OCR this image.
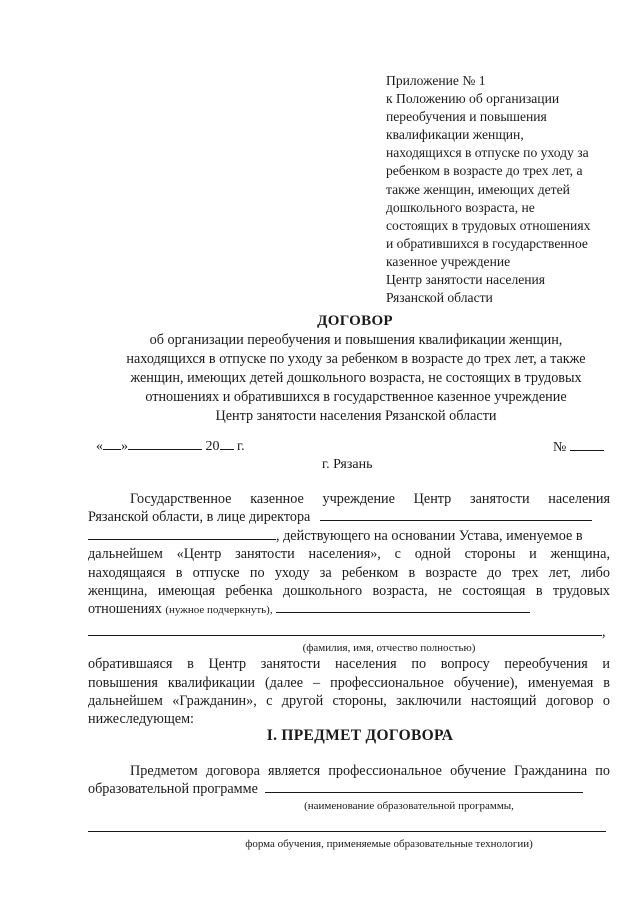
Приложение № 1
к Положению об организации
переобучения и повышения
квалификации женщин,
находящихся в отпуске по уходу за
ребенком в возрасте до трех лет, а
также женщин, имеющих детей
дошкольного возраста, не
состоящих в трудовых отношениях
и обратившихся в государственное
казенное учреждение
Центр занятости населения
Рязанской области
ДОГОВОР
об организации переобучения и повышения квалификации женщин,
находящихся в отпуске по уходу за ребенком в возрасте до трех лет, а также
женщин, имеющих детей дошкольного возраста, не состоящих в трудовых
отношениях и обратившихся в государственное казенное учреждение
Центр занятости населения Рязанской области
« »	20 г.	№
г. Рязань
Государственное казенное учреждение Центр занятости населения
Рязанской области, в лице директора
, действующего на основании Устава, именуемое в
дальнейшем «Центр занятости населения», с одной стороны и женщина,
находящаяся в отпуске по уходу за ребенком в возрасте до трех лет, либо
женщина, имеющая ребенка дошкольного возраста, не состоящая в трудовых
отношениях (нужное подчеркнуть),
,
(фамилия, имя, отчество полностью)
обратившаяся в Центр занятости населения по вопросу переобучения и
повышения квалификации (далее – профессиональное обучение), именуемая в
дальнейшем «Гражданин», с другой стороны, заключили настоящий договор о
нижеследующем:
I. ПРЕДМЕТ ДОГОВОРА
Предметом договора является профессиональное обучение Гражданина по
образовательной программе
(наименование образовательной программы,
форма обучения, применяемые образовательные технологии)
